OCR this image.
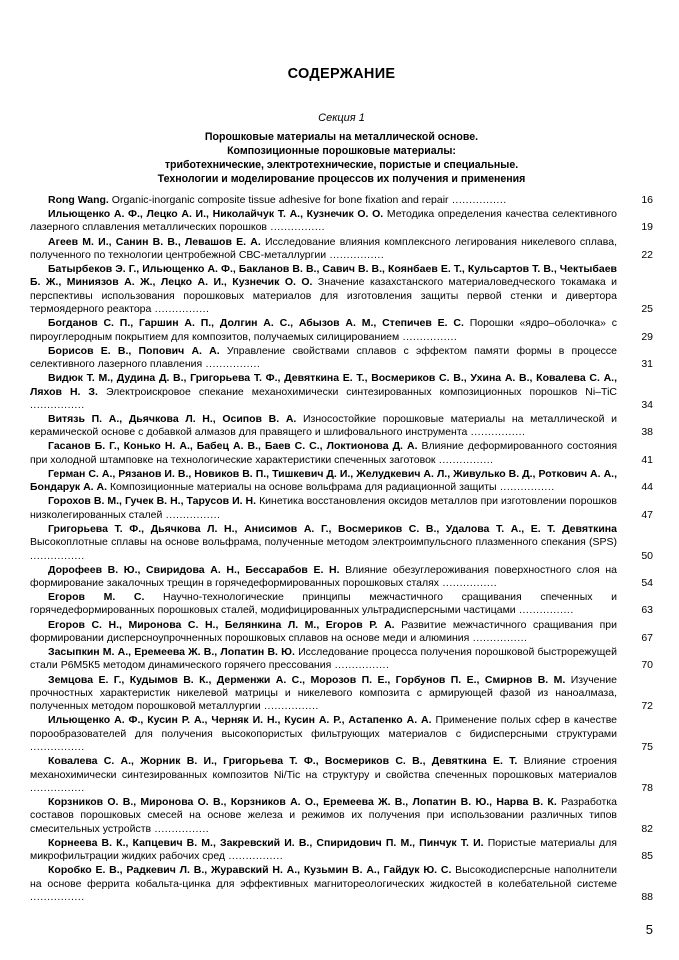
СОДЕРЖАНИЕ
Секция 1
Порошковые материалы на металлической основе.
Композиционные порошковые материалы:
триботехнические, электротехнические, пористые и специальные.
Технологии и моделирование процессов их получения и применения
Rong Wang. Organic-inorganic composite tissue adhesive for bone fixation and repair ................	16
Ильющенко А. Ф., Лецко А. И., Николайчук Т. А., Кузнечик О. О. Методика определения качества селективного лазерного сплавления металлических порошков ................	19
Агеев М. И., Санин В. В., Левашов Е. А. Исследование влияния комплексного легирования никелевого сплава, полученного по технологии центробежной СВС-металлургии ................	22
Батырбеков Э. Г., Ильющенко А. Ф., Бакланов В. В., Савич В. В., Коянбаев Е. Т., Кульсартов Т. В., Чектыбаев Б. Ж., Миниязов А. Ж., Лецко А. И., Кузнечик О. О. Значение казахстанского материаловедческого токамака и перспективы использования порошковых материалов для изготовления защиты первой стенки и дивертора термоядерного реактора ................	25
Богданов С. П., Гаршин А. П., Долгин А. С., Абызов А. М., Степичев Е. С. Порошки «ядро–оболочка» с пироуглеродным покрытием для композитов, получаемых силицированием ................	29
Борисов Е. В., Попович А. А. Управление свойствами сплавов с эффектом памяти формы в процессе селективного лазерного плавления ................	31
Видюк Т. М., Дудина Д. В., Григорьева Т. Ф., Девяткина Е. Т., Восмериков С. В., Ухина А. В., Ковалева С. А., Ляхов Н. З. Электроискровое спекание механохимически синтезированных композиционных порошков Ni–TiC ................	34
Витязь П. А., Дьячкова Л. Н., Осипов В. А. Износостойкие порошковые материалы на металлической и керамической основе с добавкой алмазов для правящего и шлифовального инструмента ................	38
Гасанов Б. Г., Конько Н. А., Бабец А. В., Баев С. С., Локтионова Д. А. Влияние деформированного состояния при холодной штамповке на технологические характеристики спеченных заготовок ................	41
Герман С. А., Рязанов И. В., Новиков В. П., Тишкевич Д. И., Желудкевич А. Л., Живулько В. Д., Роткович А. А., Бондарук А. А. Композиционные материалы на основе вольфрама для радиационной защиты ................	44
Горохов В. М., Гучек В. Н., Тарусов И. Н. Кинетика восстановления оксидов металлов при изготовлении порошков низколегированных сталей ................	47
Григорьева Т. Ф., Дьячкова Л. Н., Анисимов А. Г., Восмериков С. В., Удалова Т. А., Е. Т. Девяткина Высокоплотные сплавы на основе вольфрама, полученные методом электроимпульсного плазменного спекания (SPS) ................	50
Дорофеев В. Ю., Свиридова А. Н., Бессарабов Е. Н. Влияние обезуглероживания поверхностного слоя на формирование закалочных трещин в горячедеформированных порошковых сталях ................	54
Егоров М. С. Научно-технологические принципы межчастичного сращивания спеченных и горячедеформированных порошковых сталей, модифицированных ультрадисперсными частицами ................	63
Егоров С. Н., Миронова С. Н., Белянкина Л. М., Егоров Р. А. Развитие межчастичного сращивания при формировании дисперсноупрочненных порошковых сплавов на основе меди и алюминия ................	67
Засыпкин М. А., Еремеева Ж. В., Лопатин В. Ю. Исследование процесса получения порошковой быстрорежущей стали Р6М5К5 методом динамического горячего прессования ................	70
Земцова Е. Г., Кудымов В. К., Дерменжи А. С., Морозов П. Е., Горбунов П. Е., Смирнов В. М. Изучение прочностных характеристик никелевой матрицы и никелевого композита с армирующей фазой из наноалмаза, полученных методом порошковой металлургии ................	72
Ильющенко А. Ф., Кусин Р. А., Черняк И. Н., Кусин А. Р., Астапенко А. А. Применение полых сфер в качестве порообразователей для получения высокопористых фильтрующих материалов с бидисперсными структурами ................	75
Ковалева С. А., Жорник В. И., Григорьева Т. Ф., Восмериков С. В., Девяткина Е. Т. Влияние строения механохимически синтезированных композитов Ni/Tic на структуру и свойства спеченных порошковых материалов ................	78
Корзников О. В., Миронова О. В., Корзников А. О., Еремеева Ж. В., Лопатин В. Ю., Нарва В. К. Разработка составов порошковых смесей на основе железа и режимов их получения при использовании различных типов смесительных устройств ................	82
Корнеева В. К., Капцевич В. М., Закревский И. В., Спиридович П. М., Пинчук Т. И. Пористые материалы для микрофильтрации жидких рабочих сред ................	85
Коробко Е. В., Радкевич Л. В., Журавский Н. А., Кузьмин В. А., Гайдук Ю. С. Высокодисперсные наполнители на основе феррита кобальта-цинка для эффективных магнитореологических жидкостей в колебательной системе ................	88
5
